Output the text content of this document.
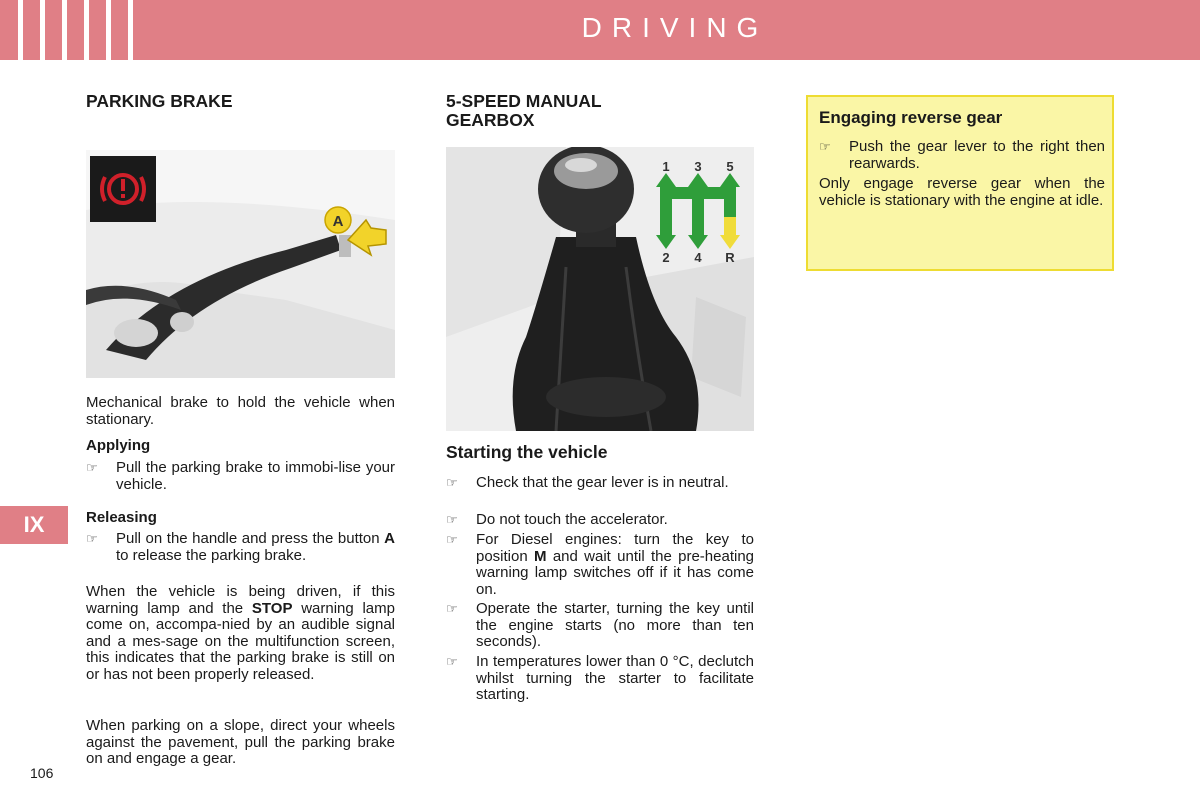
DRIVING
PARKING BRAKE
A
Mechanical brake to hold the vehicle when stationary.
Applying
☞ Pull the parking brake to immobi-lise your vehicle.
Releasing
☞ Pull on the handle and press the button A to release the parking brake.
When the vehicle is being driven, if this warning lamp and the STOP warning lamp come on, accompa-nied by an audible signal and a mes-sage on the multifunction screen, this indicates that the parking brake is still on or has not been properly released.
When parking on a slope, direct your wheels against the pavement, pull the parking brake on and engage a gear.
IX
106
5-SPEED MANUAL
GEARBOX
1 3 5
2 4 R
Starting the vehicle
☞ Check that the gear lever is in neutral.
☞ Do not touch the accelerator.
☞ For Diesel engines: turn the key to position M and wait until the pre-heating warning lamp switches off if it has come on.
☞ Operate the starter, turning the key until the engine starts (no more than ten seconds).
☞ In temperatures lower than 0 °C, declutch whilst turning the starter to facilitate starting.
Engaging reverse gear
☞ Push the gear lever to the right then rearwards.
Only engage reverse gear when the vehicle is stationary with the engine at idle.
